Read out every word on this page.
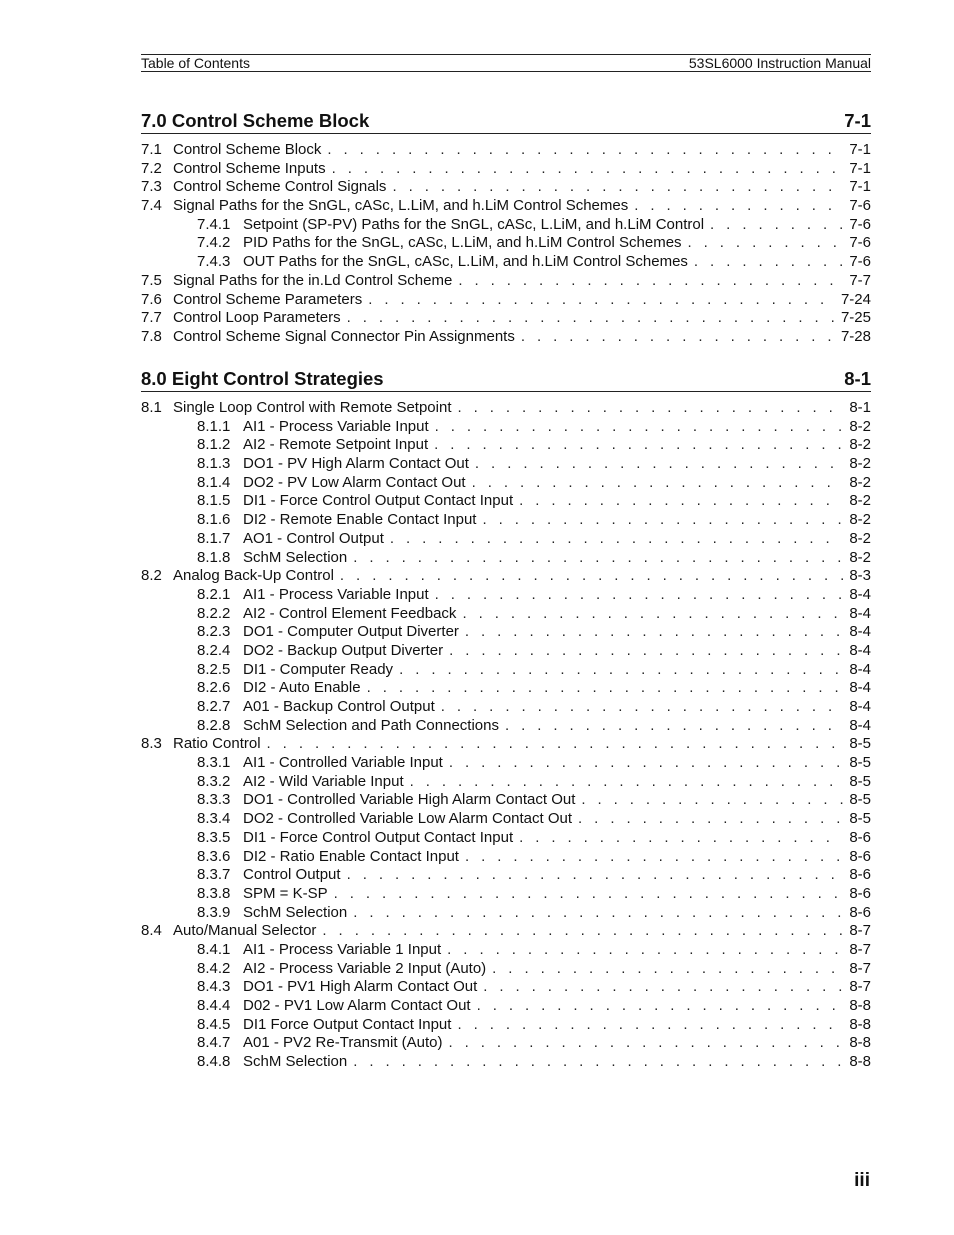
Table of Contents	53SL6000 Instruction Manual
7.0 Control Scheme Block	7-1
7.1 Control Scheme Block . . .	7-1
7.2 Control Scheme Inputs . . .	7-1
7.3 Control Scheme Control Signals . . .	7-1
7.4 Signal Paths for the SnGL, cASc, L.LiM, and h.LiM Control Schemes . . .	7-6
7.4.1 Setpoint (SP-PV) Paths for the SnGL, cASc, L.LiM, and h.LiM Control . . .	7-6
7.4.2 PID Paths for the SnGL, cASc, L.LiM, and h.LiM Control Schemes . . .	7-6
7.4.3 OUT Paths for the SnGL, cASc, L.LiM, and h.LiM Control Schemes . . .	7-6
7.5 Signal Paths for the in.Ld Control Scheme . . .	7-7
7.6 Control Scheme Parameters . . .	7-24
7.7 Control Loop Parameters . . .	7-25
7.8 Control Scheme Signal Connector Pin Assignments . . .	7-28
8.0 Eight Control Strategies	8-1
8.1 Single Loop Control with Remote Setpoint . . .	8-1
8.1.1 AI1 - Process Variable Input . . .	8-2
8.1.2 AI2 - Remote Setpoint Input . . .	8-2
8.1.3 DO1 - PV High Alarm Contact Out . . .	8-2
8.1.4 DO2 - PV Low Alarm Contact Out . . .	8-2
8.1.5 DI1 - Force Control Output Contact Input . . .	8-2
8.1.6 DI2 - Remote Enable Contact Input . . .	8-2
8.1.7 AO1 - Control Output . . .	8-2
8.1.8 SchM Selection . . .	8-2
8.2 Analog Back-Up Control . . .	8-3
8.2.1 AI1 - Process Variable Input . . .	8-4
8.2.2 AI2 - Control Element Feedback . . .	8-4
8.2.3 DO1 - Computer Output Diverter . . .	8-4
8.2.4 DO2 - Backup Output Diverter . . .	8-4
8.2.5 DI1 - Computer Ready . . .	8-4
8.2.6 DI2 - Auto Enable . . .	8-4
8.2.7 A01 - Backup Control Output . . .	8-4
8.2.8 SchM Selection and Path Connections . . .	8-4
8.3 Ratio Control . . .	8-5
8.3.1 AI1 - Controlled Variable Input . . .	8-5
8.3.2 AI2 - Wild Variable Input . . .	8-5
8.3.3 DO1 - Controlled Variable High Alarm Contact Out . . .	8-5
8.3.4 DO2 - Controlled Variable Low Alarm Contact Out . . .	8-5
8.3.5 DI1 - Force Control Output Contact Input . . .	8-6
8.3.6 DI2 - Ratio Enable Contact Input . . .	8-6
8.3.7 Control Output . . .	8-6
8.3.8 SPM = K-SP . . .	8-6
8.3.9 SchM Selection . . .	8-6
8.4 Auto/Manual Selector . . .	8-7
8.4.1 AI1 - Process Variable 1 Input . . .	8-7
8.4.2 AI2 - Process Variable 2 Input (Auto) . . .	8-7
8.4.3 DO1 - PV1 High Alarm Contact Out . . .	8-7
8.4.4 D02 - PV1 Low Alarm Contact Out . . .	8-8
8.4.5 DI1 Force Output Contact Input . . .	8-8
8.4.7 A01 - PV2 Re-Transmit (Auto) . . .	8-8
8.4.8 SchM Selection . . .	8-8
iii
